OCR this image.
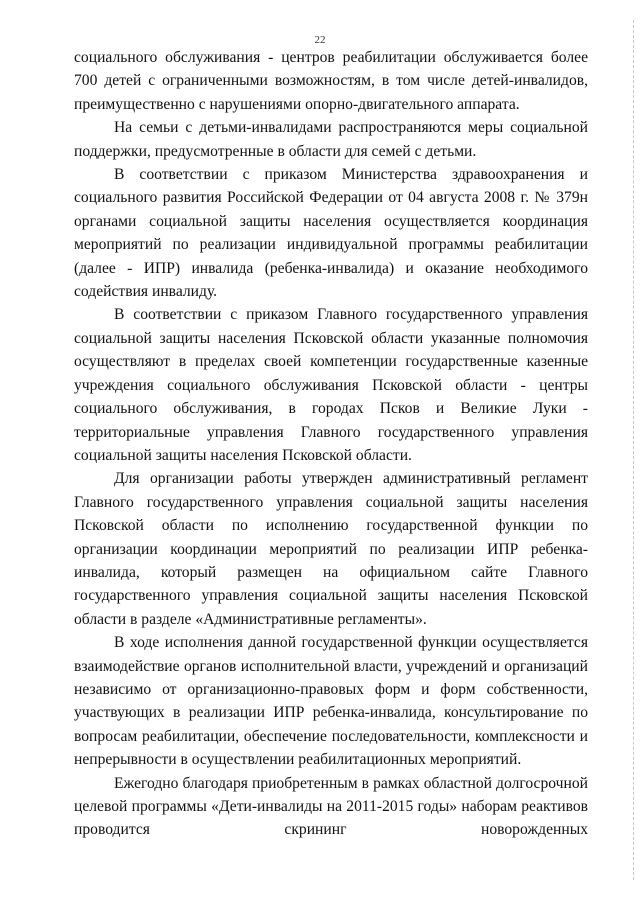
22

социального обслуживания - центров реабилитации обслуживается более 700 детей с ограниченными возможностям, в том числе детей-инвалидов, преимущественно с нарушениями опорно-двигательного аппарата.

На семьи с детьми-инвалидами распространяются меры социальной поддержки, предусмотренные в области для семей с детьми.

В соответствии с приказом Министерства здравоохранения и социального развития Российской Федерации от 04 августа 2008 г. № 379н органами социальной защиты населения осуществляется координация мероприятий по реализации индивидуальной программы реабилитации (далее - ИПР) инвалида (ребенка-инвалида) и оказание необходимого содействия инвалиду.

В соответствии с приказом Главного государственного управления социальной защиты населения Псковской области указанные полномочия осуществляют в пределах своей компетенции государственные казенные учреждения социального обслуживания Псковской области - центры социального обслуживания, в городах Псков и Великие Луки - территориальные управления Главного государственного управления социальной защиты населения Псковской области.

Для организации работы утвержден административный регламент Главного государственного управления социальной защиты населения Псковской области по исполнению государственной функции по организации координации мероприятий по реализации ИПР ребенка-инвалида, который размещен на официальном сайте Главного государственного управления социальной защиты населения Псковской области в разделе «Административные регламенты».

В ходе исполнения данной государственной функции осуществляется взаимодействие органов исполнительной власти, учреждений и организаций независимо от организационно-правовых форм и форм собственности, участвующих в реализации ИПР ребенка-инвалида, консультирование по вопросам реабилитации, обеспечение последовательности, комплексности и непрерывности в осуществлении реабилитационных мероприятий.

Ежегодно благодаря приобретенным в рамках областной долгосрочной целевой программы «Дети-инвалиды на 2011-2015 годы» наборам реактивов проводится скрининг новорожденных
